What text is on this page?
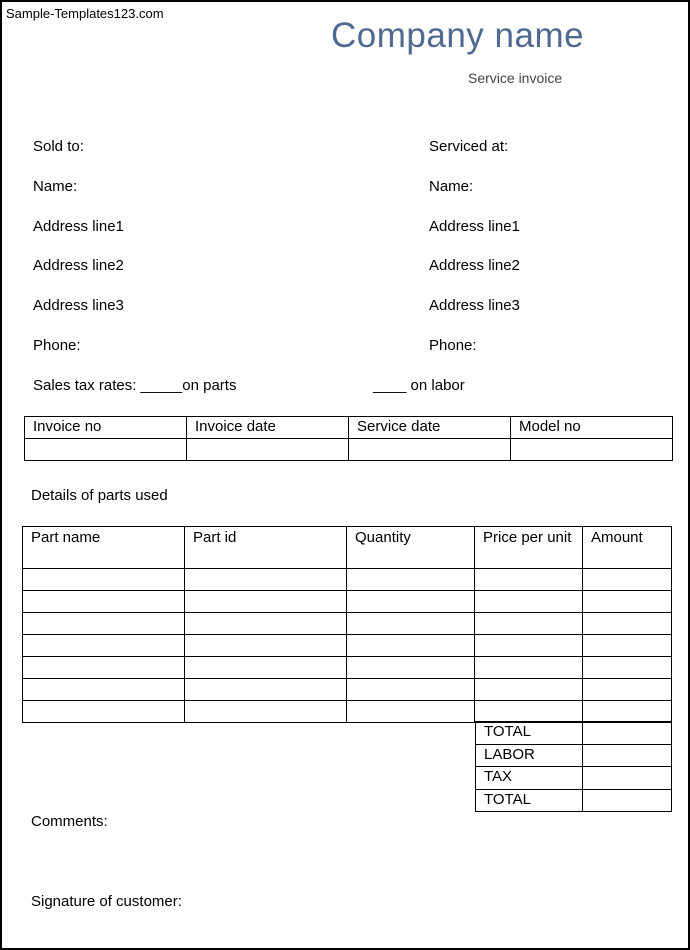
Sample-Templates123.com
Company name
Service invoice
Sold to:
Name:
Address line1
Address line2
Address line3
Phone:
Serviced at:
Name:
Address line1
Address line2
Address line3
Phone:
Sales tax rates: _____on parts	____ on labor
Invoice no	Invoice date	Service date	Model no

Details of parts used
Part name	Part id	Quantity	Price per unit	Amount

TOTAL	
LABOR	
TAX	
TOTAL	
Comments:
Signature of customer:
